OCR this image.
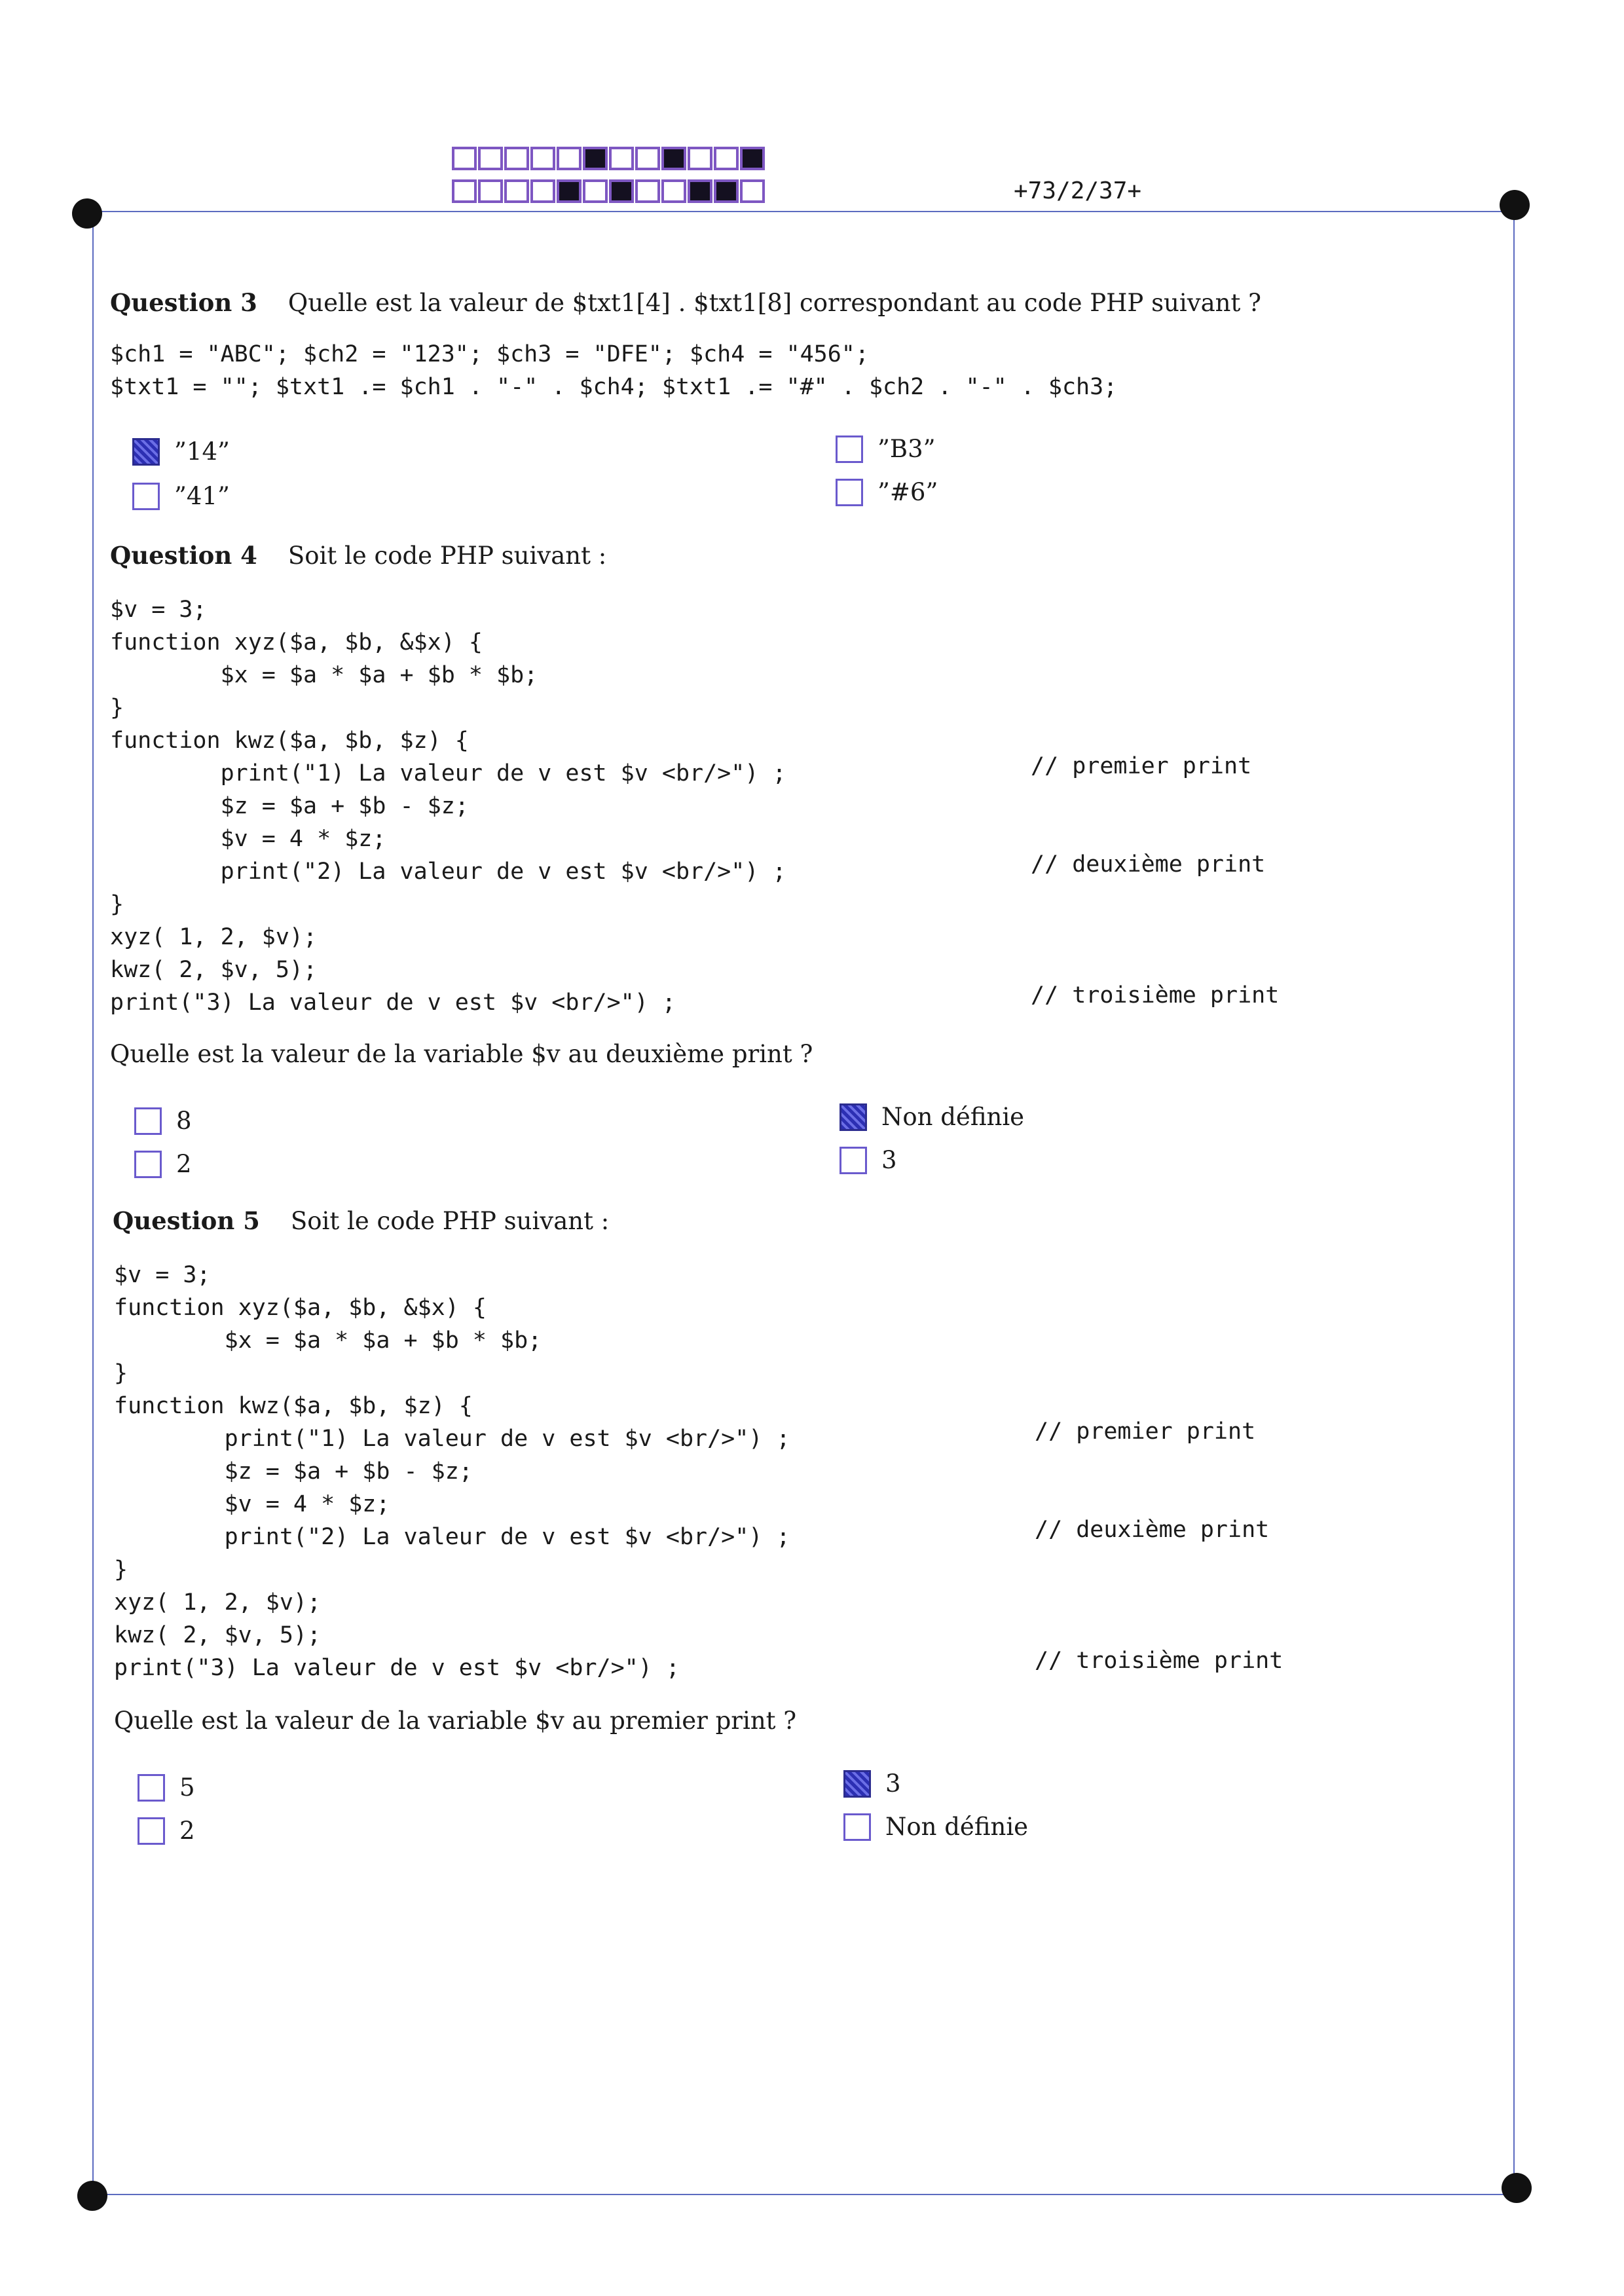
+73/2/37+
Question 3 Quelle est la valeur de $txt1[4] . $txt1[8] correspondant au code PHP suivant ?
$ch1 = "ABC"; $ch2 = "123"; $ch3 = "DFE"; $ch4 = "456";
$txt1 = ""; $txt1 .= $ch1 . "-" . $ch4; $txt1 .= "#" . $ch2 . "-" . $ch3;
”14”	”B3”
”41”	”#6”
Question 4 Soit le code PHP suivant :
$v = 3;
function xyz($a, $b, &$x) {
$x = $a * $a + $b * $b;
}
function kwz($a, $b, $z) {
print("1) La valeur de v est $v <br/>") ;
$z = $a + $b - $z;
$v = 4 * $z;
print("2) La valeur de v est $v <br/>") ;
}
xyz( 1, 2, $v);
kwz( 2, $v, 5);
print("3) La valeur de v est $v <br/>") ;
// premier print
// deuxième print
// troisième print
Quelle est la valeur de la variable $v au deuxième print ?
8	Non définie
2	3
Question 5 Soit le code PHP suivant :
$v = 3;
function xyz($a, $b, &$x) {
$x = $a * $a + $b * $b;
}
function kwz($a, $b, $z) {
print("1) La valeur de v est $v <br/>") ;
$z = $a + $b - $z;
$v = 4 * $z;
print("2) La valeur de v est $v <br/>") ;
}
xyz( 1, 2, $v);
kwz( 2, $v, 5);
print("3) La valeur de v est $v <br/>") ;
// premier print
// deuxième print
// troisième print
Quelle est la valeur de la variable $v au premier print ?
5	3
2	Non définie
